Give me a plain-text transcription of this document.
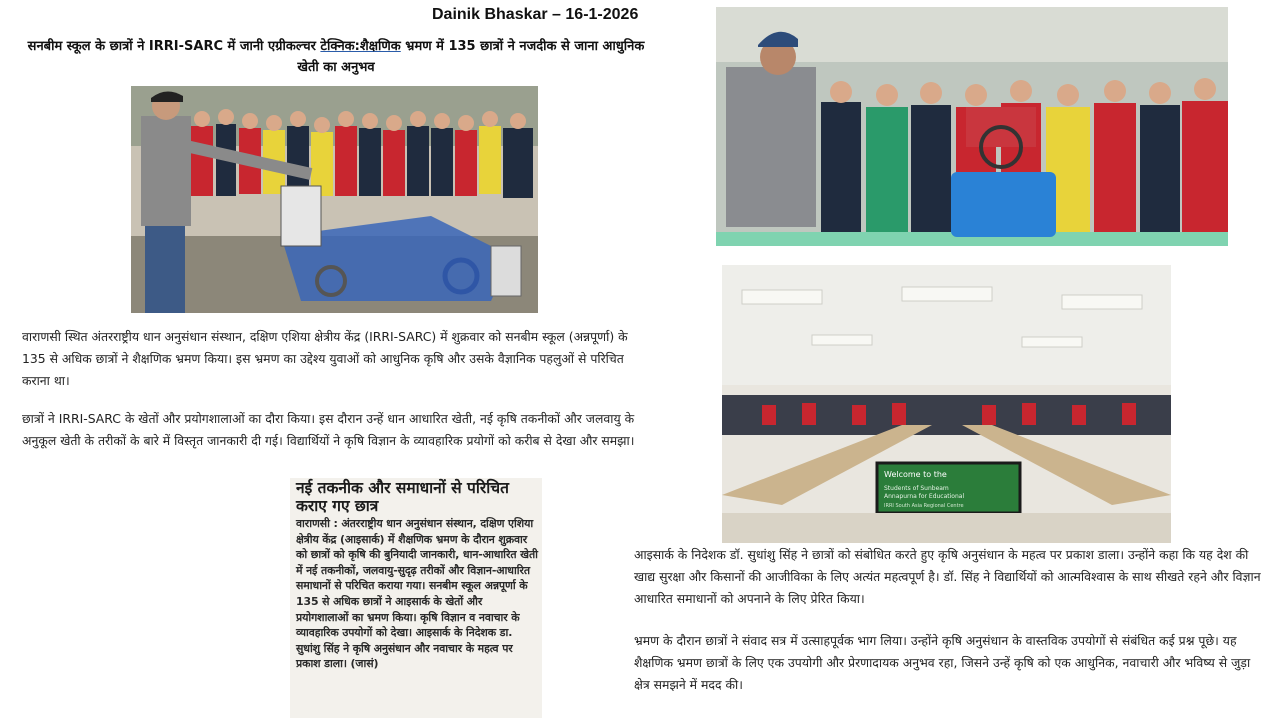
Dainik Bhaskar – 16-1-2026
सनबीम स्कूल के छात्रों ने IRRI-SARC में जानी एग्रीकल्चर टेक्निक:शैक्षणिक भ्रमण में 135 छात्रों ने नजदीक से जाना आधुनिक खेती का अनुभव
Welcome to the
Students of Sunbeam
Annapurna for Educational
IRRI South Asia Regional Centre
वाराणसी स्थित अंतरराष्ट्रीय धान अनुसंधान संस्थान, दक्षिण एशिया क्षेत्रीय केंद्र (IRRI-SARC) में शुक्रवार को सनबीम स्कूल (अन्नपूर्णा) के 135 से अधिक छात्रों ने शैक्षणिक भ्रमण किया। इस भ्रमण का उद्देश्य युवाओं को आधुनिक कृषि और उसके वैज्ञानिक पहलुओं से परिचित कराना था।
छात्रों ने IRRI-SARC के खेतों और प्रयोगशालाओं का दौरा किया। इस दौरान उन्हें धान आधारित खेती, नई कृषि तकनीकों और जलवायु के अनुकूल खेती के तरीकों के बारे में विस्तृत जानकारी दी गई। विद्यार्थियों ने कृषि विज्ञान के व्यावहारिक प्रयोगों को करीब से देखा और समझा।
नई तकनीक और समाधानों से परिचित कराए गए छात्र
वाराणसी : अंतरराष्ट्रीय धान अनुसंधान संस्थान, दक्षिण एशिया क्षेत्रीय केंद्र (आइसार्क) में शैक्षणिक भ्रमण के दौरान शुक्रवार को छात्रों को कृषि की बुनियादी जानकारी, धान-आधारित खेती में नई तकनीकों, जलवायु-सुदृढ़ तरीकों और विज्ञान-आधारित समाधानों से परिचित कराया गया। सनबीम स्कूल अन्नपूर्णा के 135 से अधिक छात्रों ने आइसार्क के खेतों और प्रयोगशालाओं का भ्रमण किया। कृषि विज्ञान व नवाचार के व्यावहारिक उपयोगों को देखा। आइसार्क के निदेशक डा. सुधांशु सिंह ने कृषि अनुसंधान और नवाचार के महत्व पर प्रकाश डाला। (जासं)
आइसार्क के निदेशक डॉ. सुधांशु सिंह ने छात्रों को संबोधित करते हुए कृषि अनुसंधान के महत्व पर प्रकाश डाला। उन्होंने कहा कि यह देश की खाद्य सुरक्षा और किसानों की आजीविका के लिए अत्यंत महत्वपूर्ण है। डॉ. सिंह ने विद्यार्थियों को आत्मविश्वास के साथ सीखते रहने और विज्ञान आधारित समाधानों को अपनाने के लिए प्रेरित किया।
भ्रमण के दौरान छात्रों ने संवाद सत्र में उत्साहपूर्वक भाग लिया। उन्होंने कृषि अनुसंधान के वास्तविक उपयोगों से संबंधित कई प्रश्न पूछे। यह शैक्षणिक भ्रमण छात्रों के लिए एक उपयोगी और प्रेरणादायक अनुभव रहा, जिसने उन्हें कृषि को एक आधुनिक, नवाचारी और भविष्य से जुड़ा क्षेत्र समझने में मदद की।
